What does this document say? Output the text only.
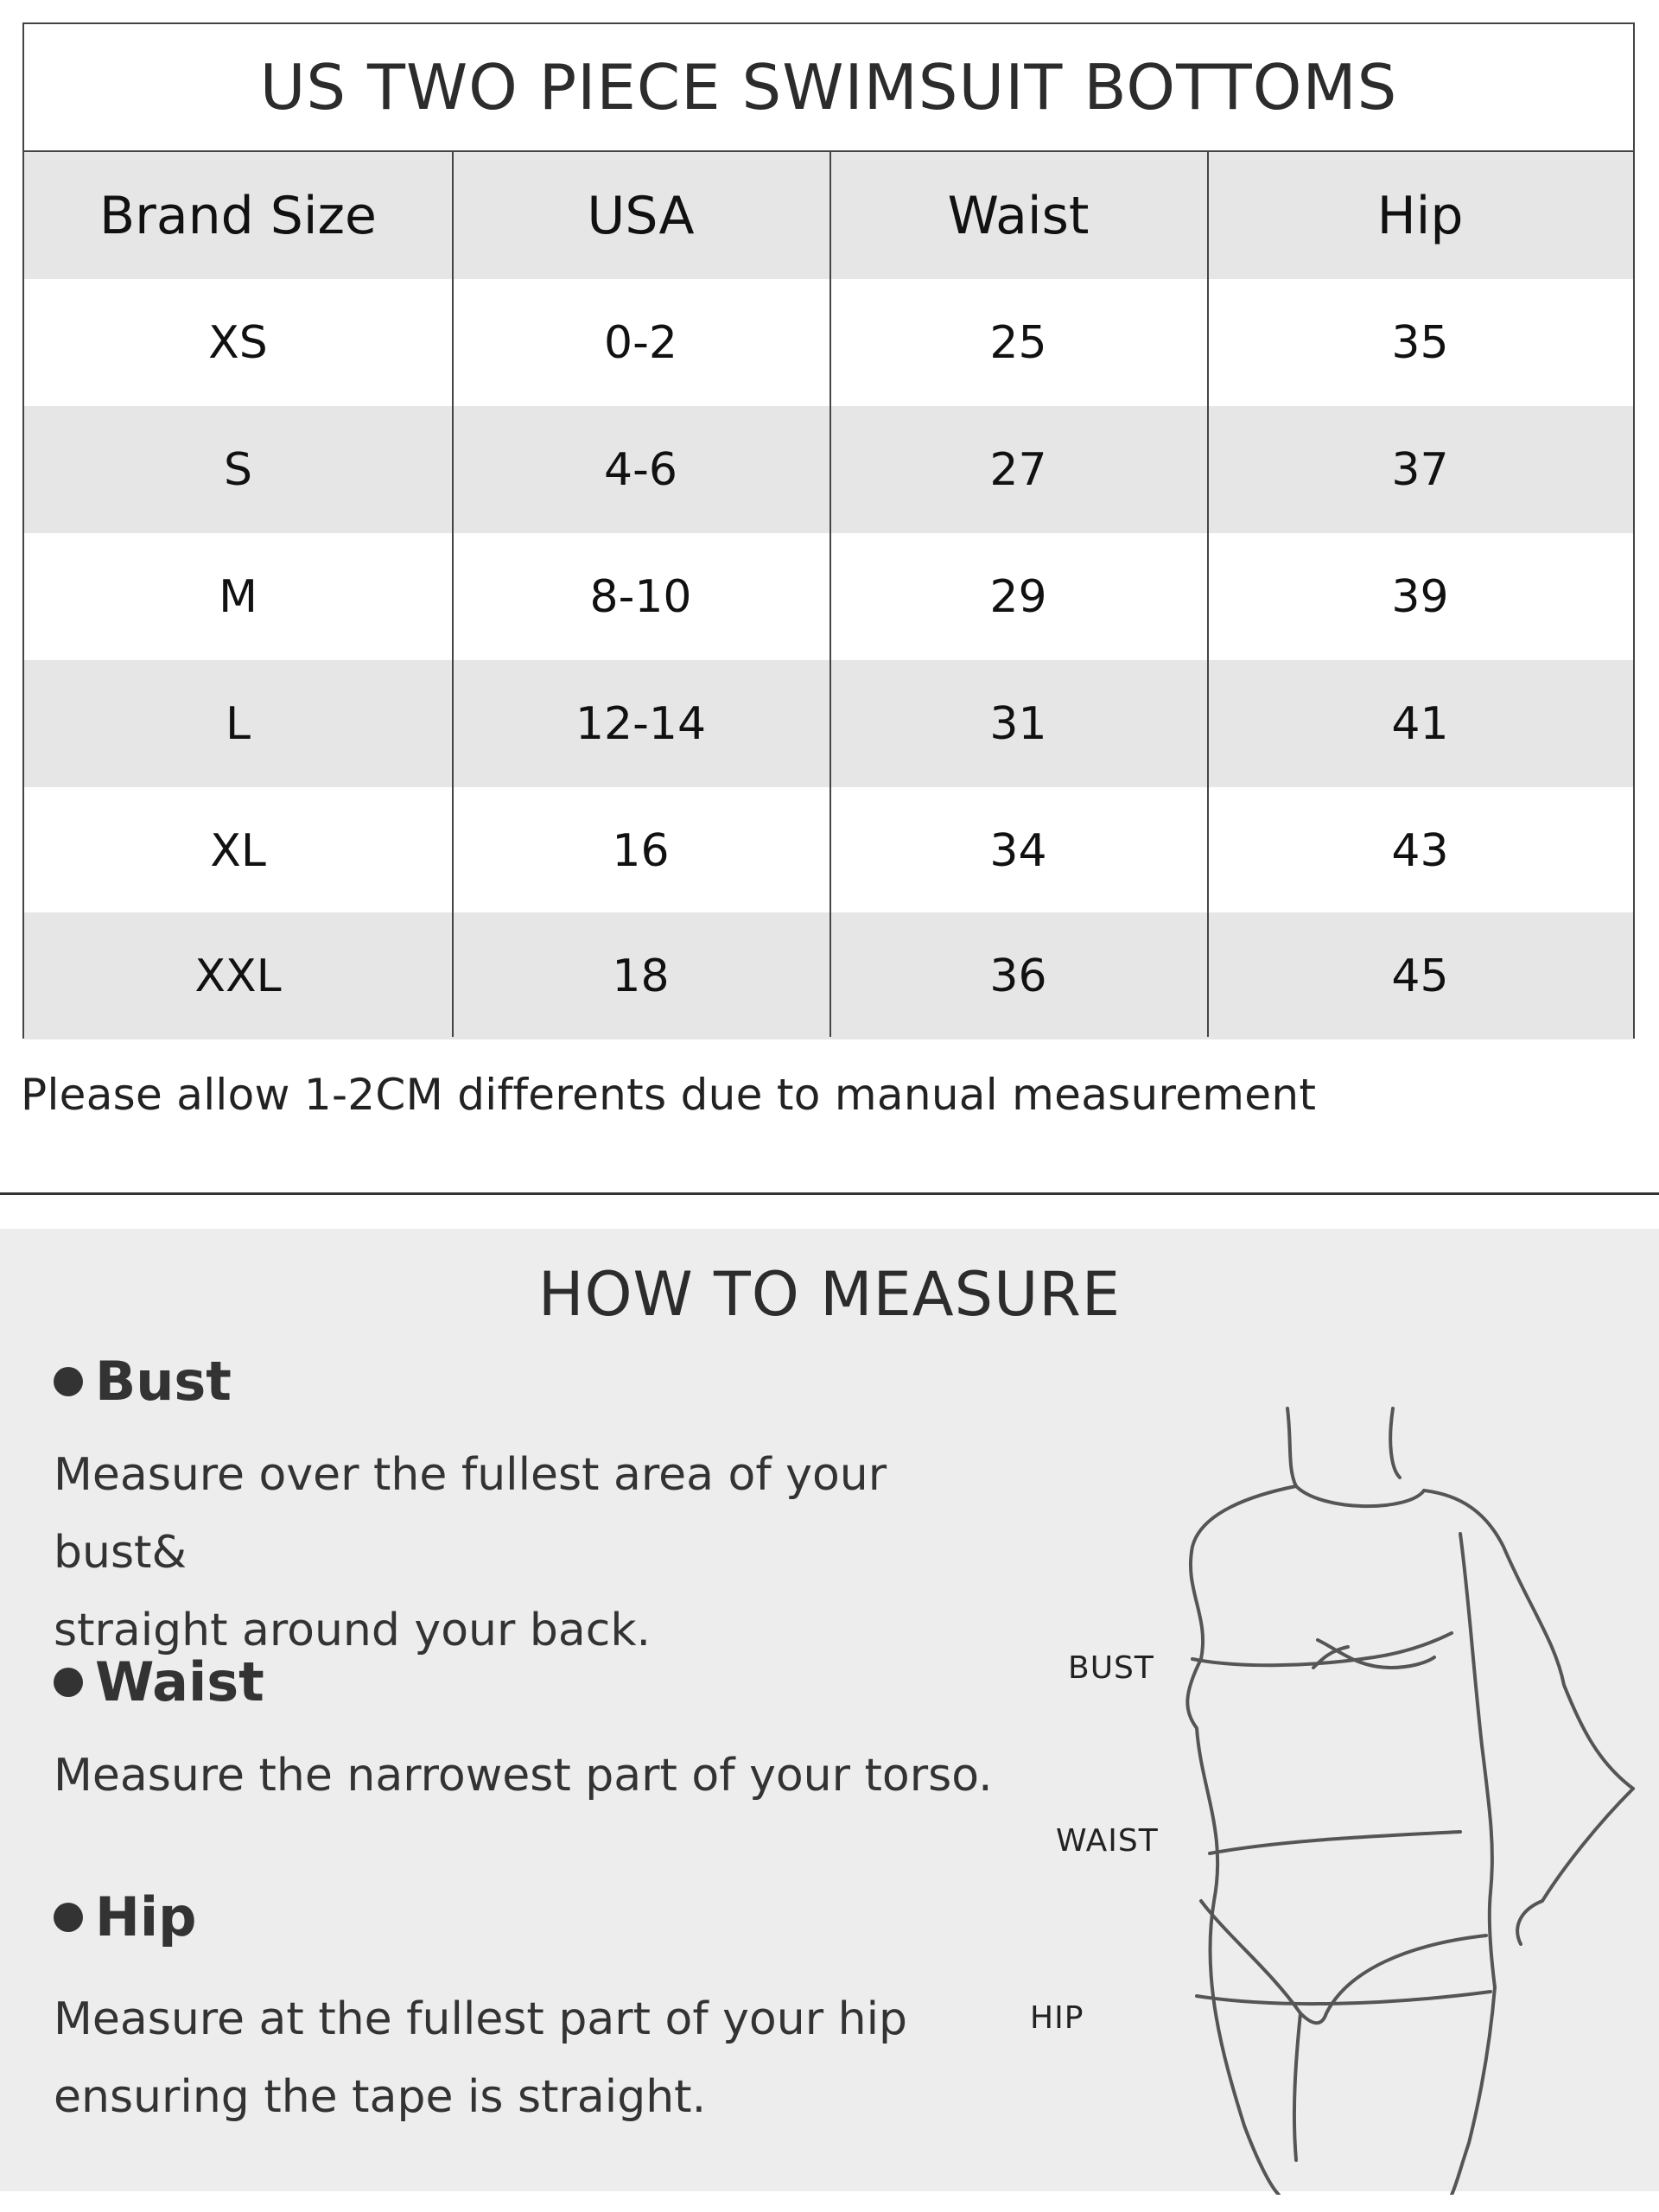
US TWO PIECE SWIMSUIT BOTTOMS
Brand Size	USA	Waist	Hip
XS	0-2	25	35
S	4-6	27	37
M	8-10	29	39
L	12-14	31	41
XL	16	34	43
XXL	18	36	45
Please allow 1-2CM differents due to manual measurement
HOW TO MEASURE
Bust
Measure over the fullest area of your bust&
straight around your back.
Waist
Measure the narrowest part of your torso.
Hip
Measure at the fullest part of your hip
ensuring the tape is straight.
BUST
WAIST
HIP
